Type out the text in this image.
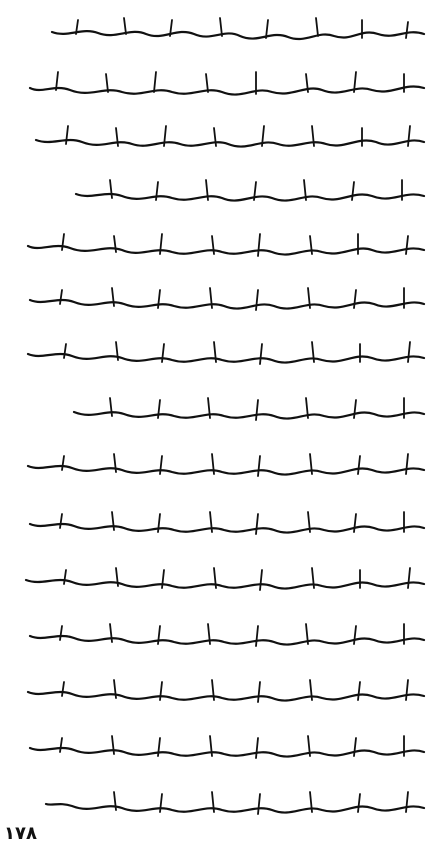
١٧٨
